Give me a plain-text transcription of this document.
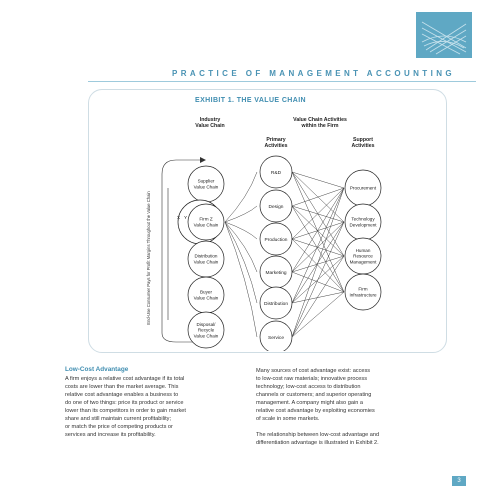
PRACTICE OF MANAGEMENT ACCOUNTING
EXHIBIT 1. THE VALUE CHAIN
Industry
Value Chain
Value Chain Activities
within the Firm
Primary
Activities
Support
Activities
End-Use Consumer Pays for Profit Margins Throughout the Value Chain
Supplier
Value Chain
Firm Z
Value Chain
Distribution
Value Chain
Buyer
Value Chain
Disposal/
Recycle
Value Chain
R&D
Design
Production
Marketing
Distribution
Service
Procurement
Technology
Development
Human
Resource
Management
Firm
Infrastructure
X Y
Low-Cost Advantage
A firm enjoys a relative cost advantage if its total
costs are lower than the market average. This
relative cost advantage enables a business to
do one of two things: price its product or service
lower than its competitors in order to gain market
share and still maintain current profitability;
or match the price of competing products or
services and increase its profitability.
Many sources of cost advantage exist: access
to low-cost raw materials; innovative process
technology; low-cost access to distribution
channels or customers; and superior operating
management. A company might also gain a
relative cost advantage by exploiting economies
of scale in some markets.
The relationship between low-cost advantage and
differentiation advantage is illustrated in Exhibit 2.
3
